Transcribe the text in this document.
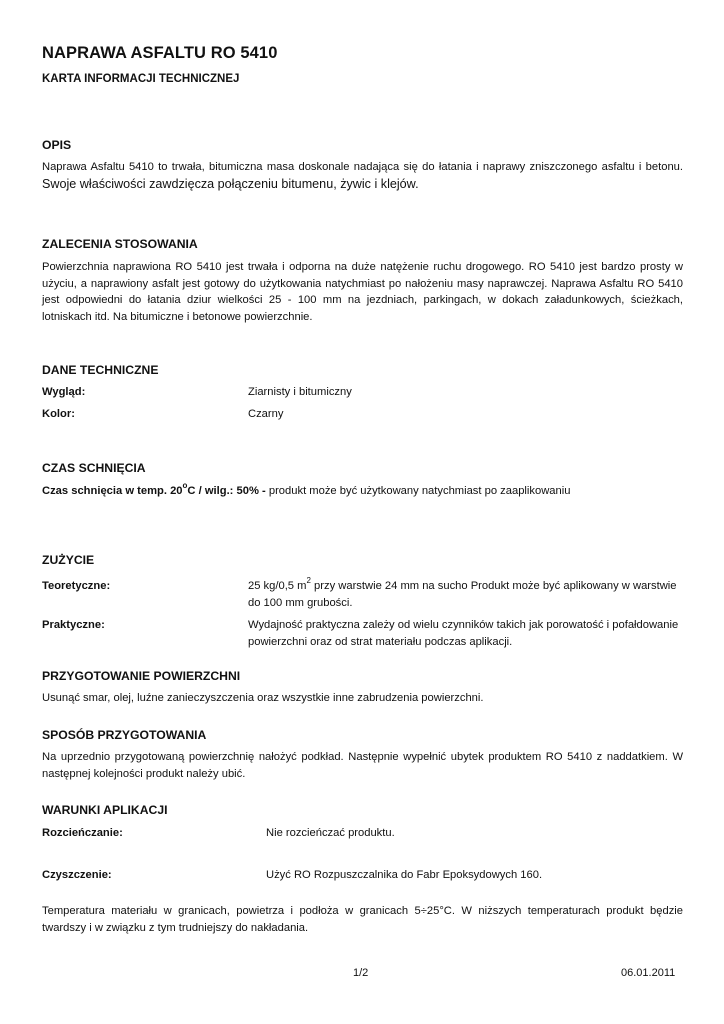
NAPRAWA ASFALTU RO 5410
KARTA INFORMACJI TECHNICZNEJ
OPIS
Naprawa Asfaltu 5410 to trwała, bitumiczna masa doskonale nadająca się do łatania i naprawy zniszczonego asfaltu i betonu. Swoje właściwości zawdzięcza połączeniu bitumenu, żywic i klejów.
ZALECENIA STOSOWANIA
Powierzchnia naprawiona RO 5410 jest trwała i odporna na duże natężenie ruchu drogowego. RO 5410 jest bardzo prosty w użyciu, a naprawiony asfalt jest gotowy do użytkowania natychmiast po nałożeniu masy naprawczej. Naprawa Asfaltu RO 5410 jest odpowiedni do łatania dziur wielkości 25 - 100 mm na jezdniach, parkingach, w dokach załadunkowych, ścieżkach, lotniskach itd. Na bitumiczne i betonowe powierzchnie.
DANE TECHNICZNE
Wygląd:	Ziarnisty i bitumiczny
Kolor:	Czarny
CZAS SCHNIĘCIA
Czas schnięcia w temp. 20$^o$C / wilg.: 50% - produkt może być użytkowany natychmiast po zaaplikowaniu
ZUŻYCIE
Teoretyczne:	25 kg/0,5 $m^2$ przy warstwie 24 mm na sucho Produkt może być aplikowany w warstwie do 100 mm grubości.
Praktyczne:	Wydajność praktyczna zależy od wielu czynników takich jak porowatość i pofałdowanie powierzchni oraz od strat materiału podczas aplikacji.
PRZYGOTOWANIE POWIERZCHNI
Usunąć smar, olej, luźne zanieczyszczenia oraz wszystkie inne zabrudzenia powierzchni.
SPOSÓB PRZYGOTOWANIA
Na uprzednio przygotowaną powierzchnię nałożyć podkład. Następnie wypełnić ubytek produktem RO 5410 z naddatkiem. W następnej kolejności produkt należy ubić.
WARUNKI APLIKACJI
Rozcieńczanie:	Nie rozcieńczać produktu.
Czyszczenie:	Użyć RO Rozpuszczalnika do Fabr Epoksydowych 160.
Temperatura materiału w granicach, powietrza i podłoża w granicach 5÷25°C. W niższych temperaturach produkt będzie twardszy i w związku z tym trudniejszy do nakładania.
1/2	06.01.2011
